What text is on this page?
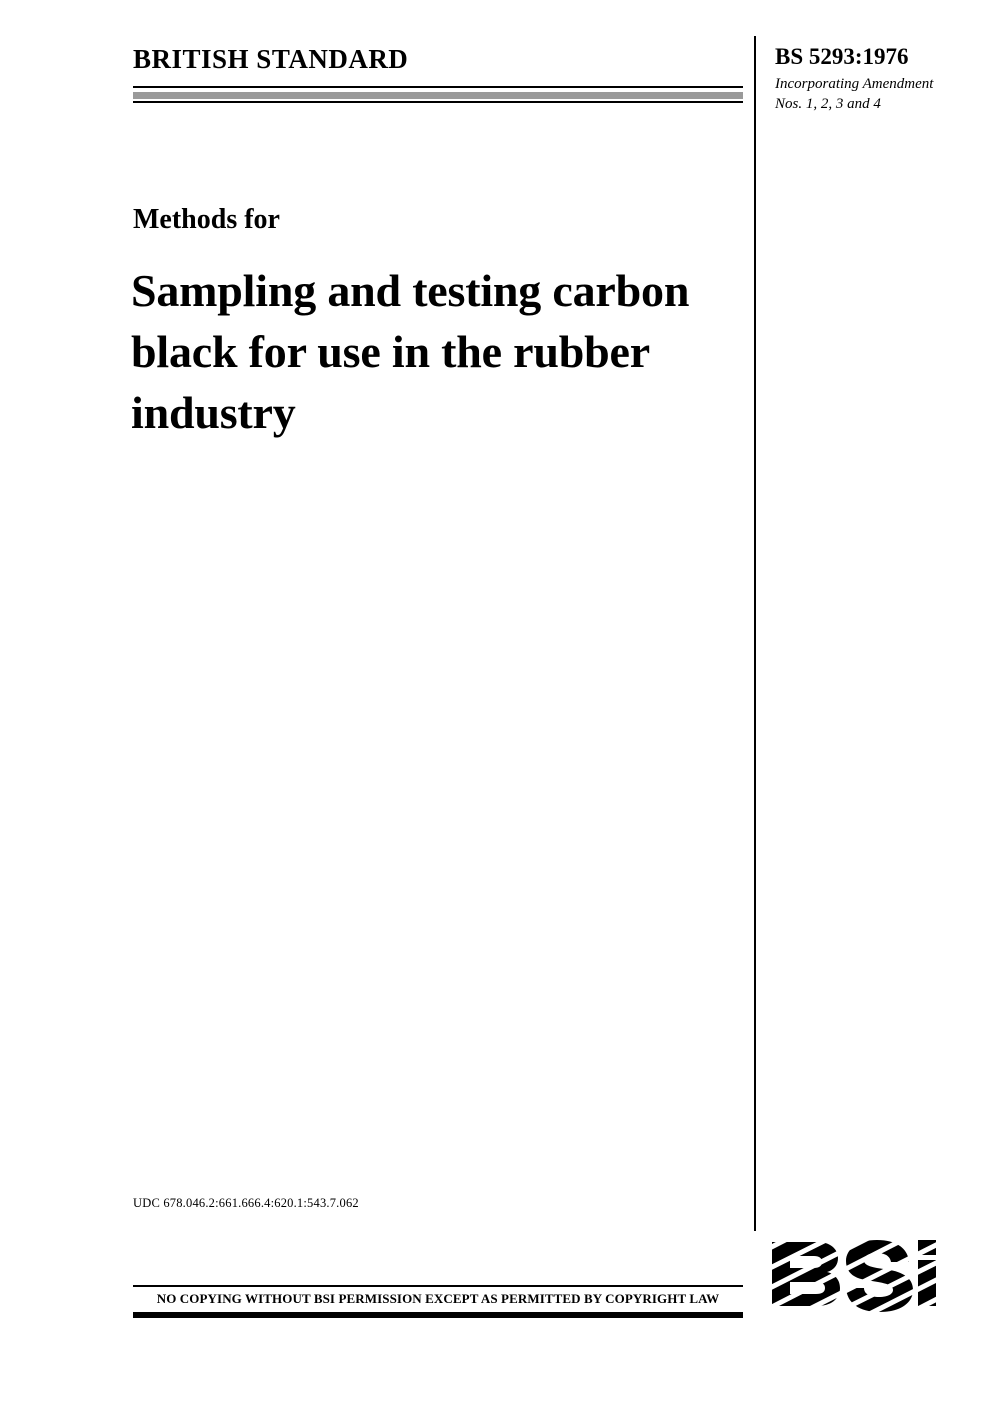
BRITISH STANDARD	BS 5293:1976
Incorporating Amendment Nos. 1, 2, 3 and 4
Methods for
Sampling and testing carbon black for use in the rubber industry
UDC 678.046.2:661.666.4:620.1:543.7.062
NO COPYING WITHOUT BSI PERMISSION EXCEPT AS PERMITTED BY COPYRIGHT LAW
